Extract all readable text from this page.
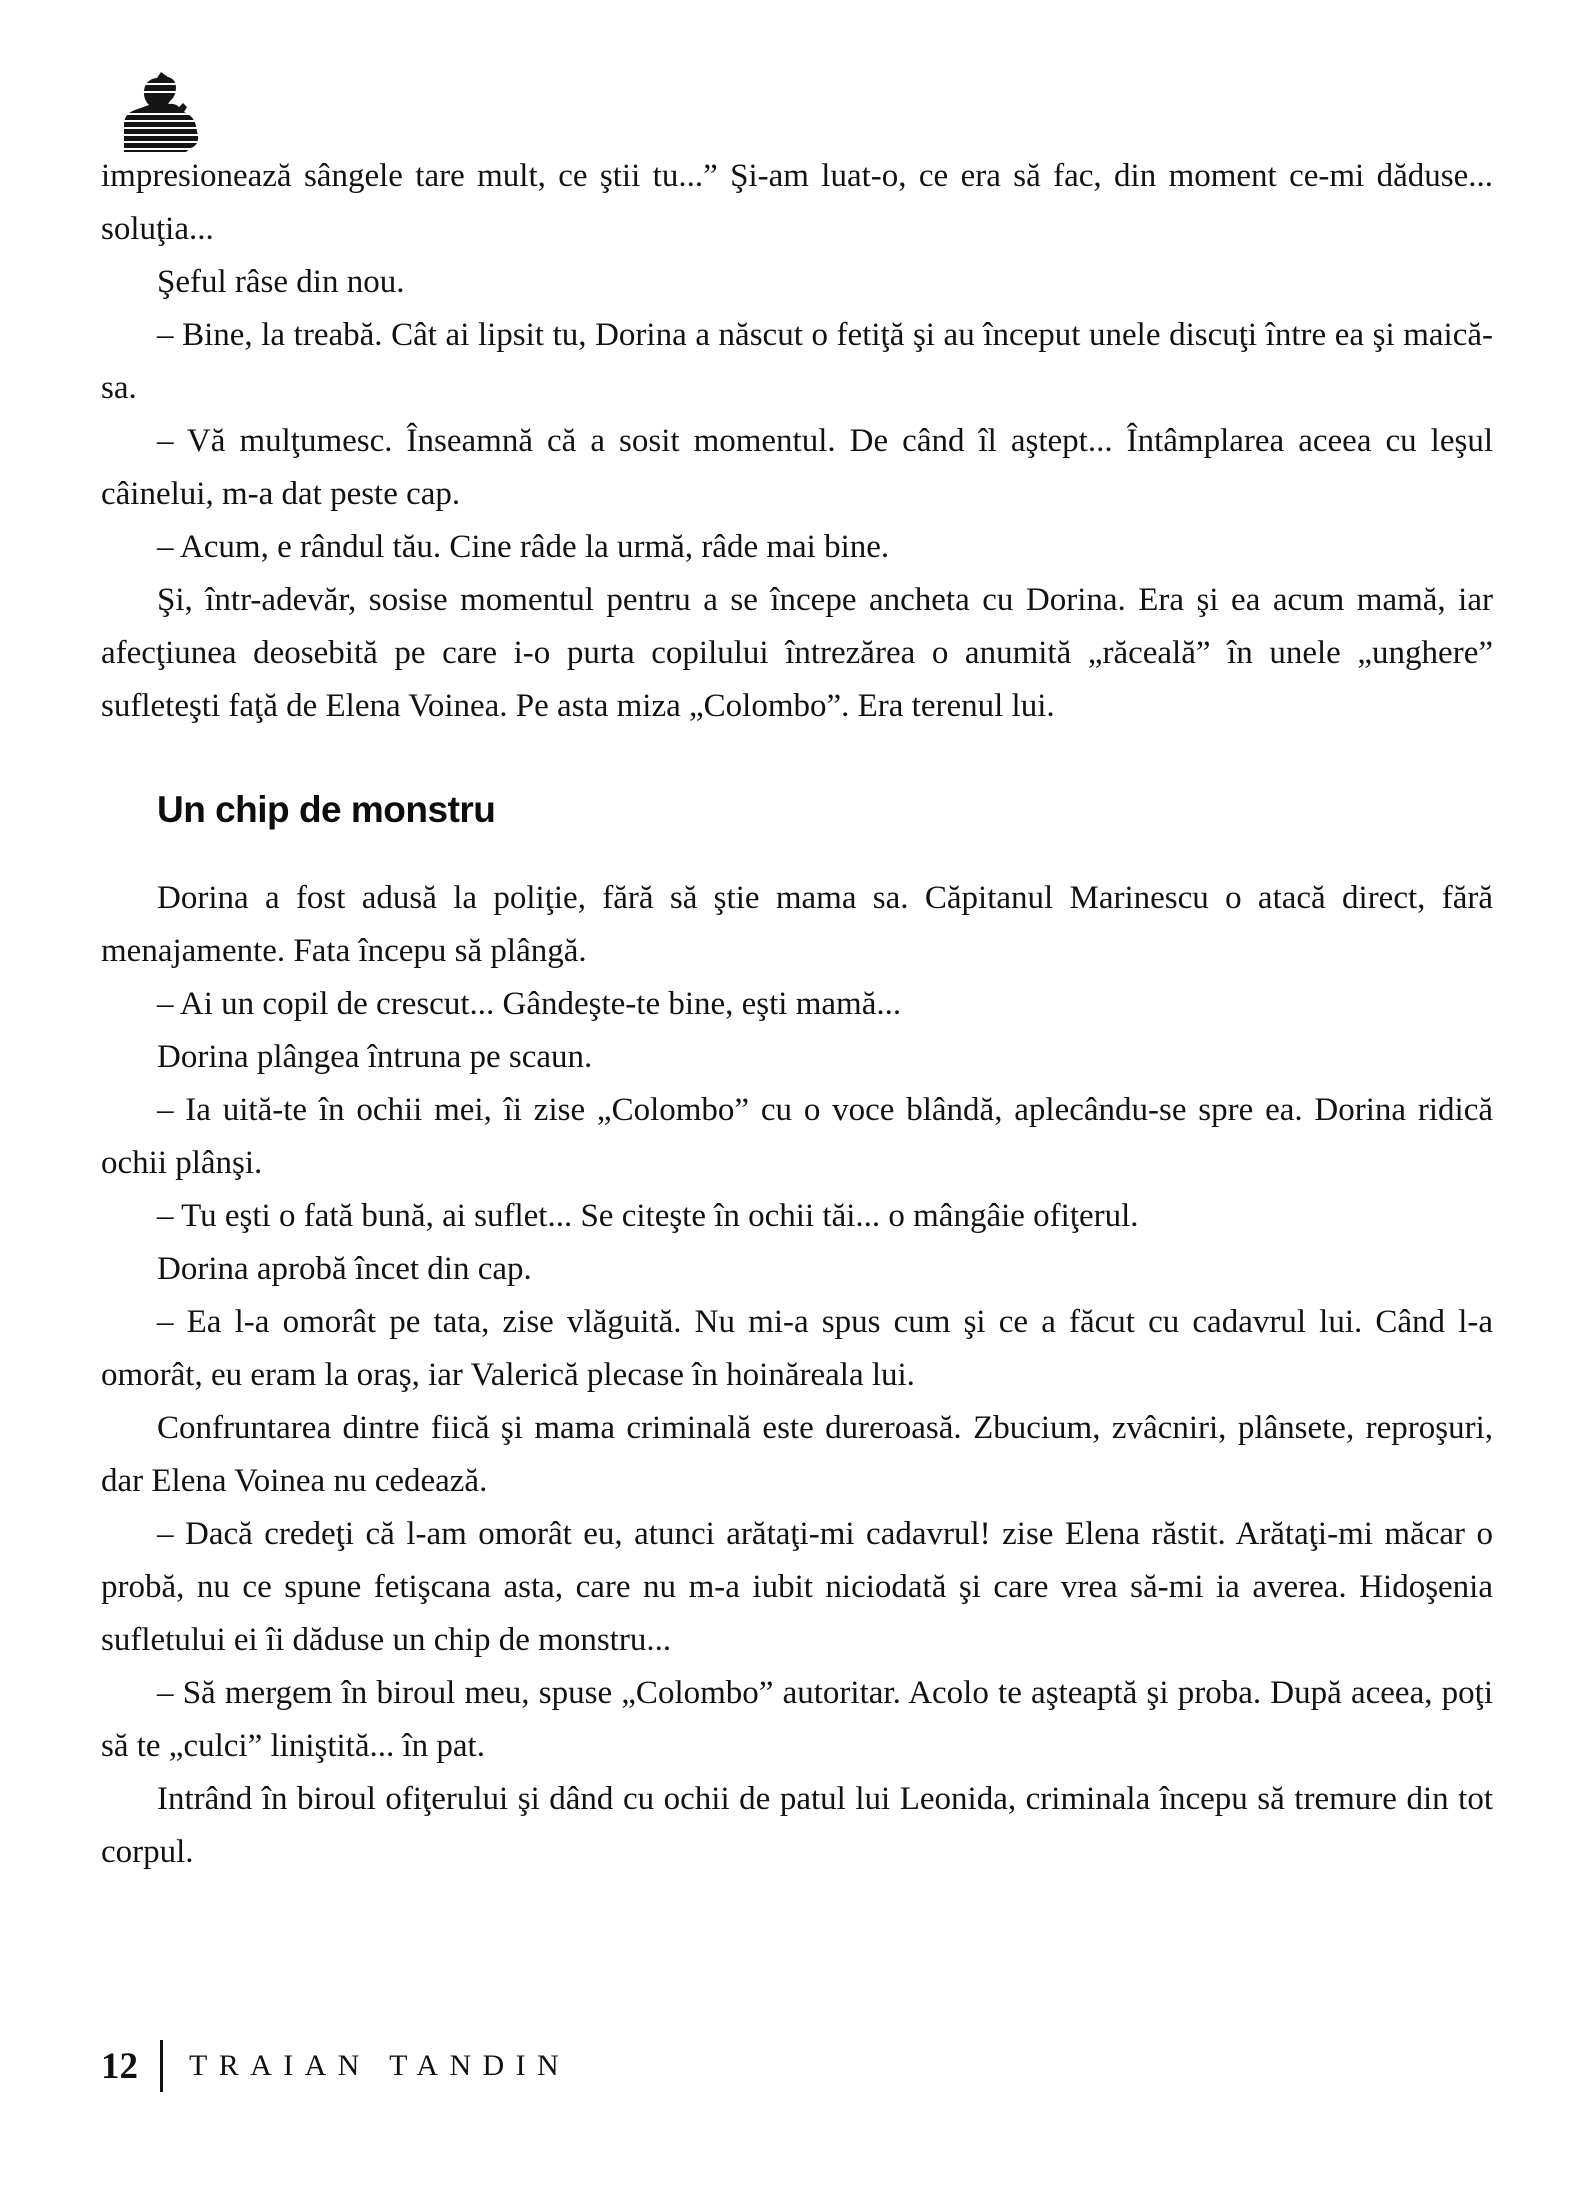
impresionează sângele tare mult, ce ştii tu...” Şi-am luat-o, ce era să fac, din moment ce-mi dăduse... soluţia...

Şeful râse din nou.

– Bine, la treabă. Cât ai lipsit tu, Dorina a născut o fetiţă şi au început unele discuţi între ea şi maică-sa.

– Vă mulţumesc. Înseamnă că a sosit momentul. De când îl aştept... Întâmplarea aceea cu leşul câinelui, m-a dat peste cap.

– Acum, e rândul tău. Cine râde la urmă, râde mai bine.

Şi, într-adevăr, sosise momentul pentru a se începe ancheta cu Dorina. Era şi ea acum mamă, iar afecţiunea deosebită pe care i-o purta copilului întrezărea o anumită „răceală” în unele „unghere” sufleteşti faţă de Elena Voinea. Pe asta miza „Colombo”. Era terenul lui.

Un chip de monstru

Dorina a fost adusă la poliţie, fără să ştie mama sa. Căpitanul Marinescu o atacă direct, fără menajamente. Fata începu să plângă.

– Ai un copil de crescut... Gândeşte-te bine, eşti mamă...

Dorina plângea întruna pe scaun.

– Ia uită-te în ochii mei, îi zise „Colombo” cu o voce blândă, aplecându-se spre ea. Dorina ridică ochii plânşi.

– Tu eşti o fată bună, ai suflet... Se citeşte în ochii tăi... o mângâie ofiţerul.

Dorina aprobă încet din cap.

– Ea l-a omorât pe tata, zise vlăguită. Nu mi-a spus cum şi ce a făcut cu cadavrul lui. Când l-a omorât, eu eram la oraş, iar Valerică plecase în hoinăreala lui.

Confruntarea dintre fiică şi mama criminală este dureroasă. Zbucium, zvâcniri, plânsete, reproşuri, dar Elena Voinea nu cedează.

– Dacă credeţi că l-am omorât eu, atunci arătaţi-mi cadavrul! zise Elena răstit. Arătaţi-mi măcar o probă, nu ce spune fetişcana asta, care nu m-a iubit niciodată şi care vrea să-mi ia averea. Hidoşenia sufletului ei îi dăduse un chip de monstru...

– Să mergem în biroul meu, spuse „Colombo” autoritar. Acolo te aşteaptă şi proba. După aceea, poţi să te „culci” liniştită... în pat.

Intrând în biroul ofiţerului şi dând cu ochii de patul lui Leonida, criminala începu să tremure din tot corpul.

12 TRAIAN TANDIN
